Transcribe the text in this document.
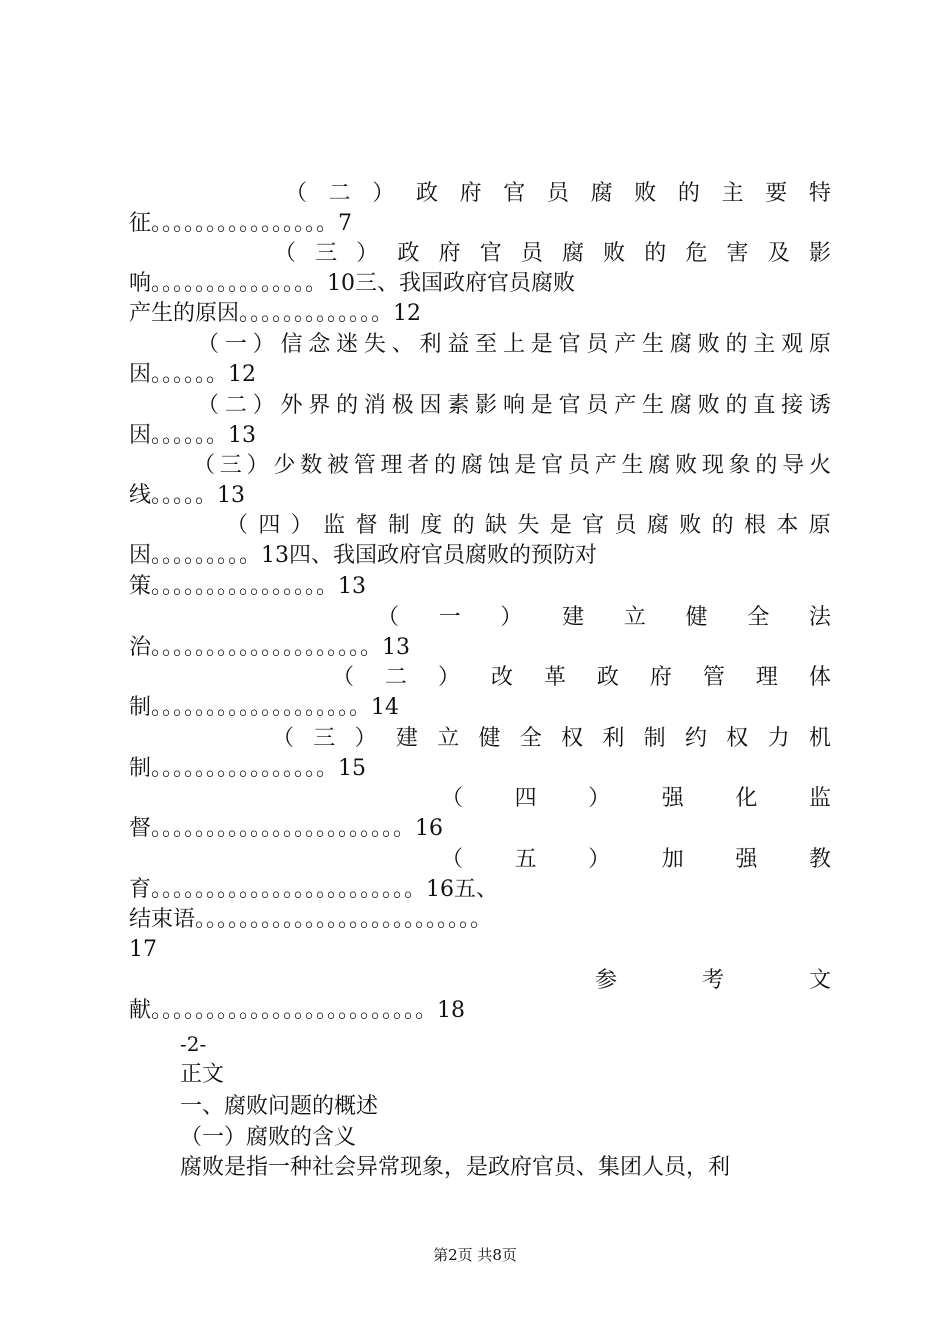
（ 二 ） 政 府 官 员 腐 败 的 主 要 特
征。。。。。。。。。。。。。。。。7
（ 三 ） 政 府 官 员 腐 败 的 危 害 及 影
响。。。。。。。。。。。。。。。10三、我国政府官员腐败
产生的原因。。。。。。。。。。。。。12
（ 一 ） 信 念 迷 失 、 利 益 至 上 是 官 员 产 生 腐 败 的 主 观 原
因。。。。。。12
（ 二 ） 外 界 的 消 极 因 素 影 响 是 官 员 产 生 腐 败 的 直 接 诱
因。。。。。。13
（ 三 ） 少 数 被 管 理 者 的 腐 蚀 是 官 员 产 生 腐 败 现 象 的 导 火
线。。。。。13
（ 四 ） 监 督 制 度 的 缺 失 是 官 员 腐 败 的 根 本 原
因。。。。。。。。。13四、我国政府官员腐败的预防对
策。。。。。。。。。。。。。。。。13
（ 一 ） 建 立 健 全 法
治。。。。。。。。。。。。。。。。。。。。13
（ 二 ） 改 革 政 府 管 理 体
制。。。。。。。。。。。。。。。。。。。14
（ 三 ） 建 立 健 全 权 利 制 约 权 力 机
制。。。。。。。。。。。。。。。。15
（ 四 ） 强 化 监
督。。。。。。。。。。。。。。。。。。。。。。。16
（ 五 ） 加 强 教
育。。。。。。。。。。。。。。。。。。。。。。。。16五、
结束语。。。。。。。。。。。。。。。。。。。。。。。。。。
17
参	考	文
献。。。。。。。。。。。。。。。。。。。。。。。。。18
-2-
正文
一、腐败问题的概述
（一）腐败的含义
腐败是指一种社会异常现象，是政府官员、集团人员，利
第2页 共8页
